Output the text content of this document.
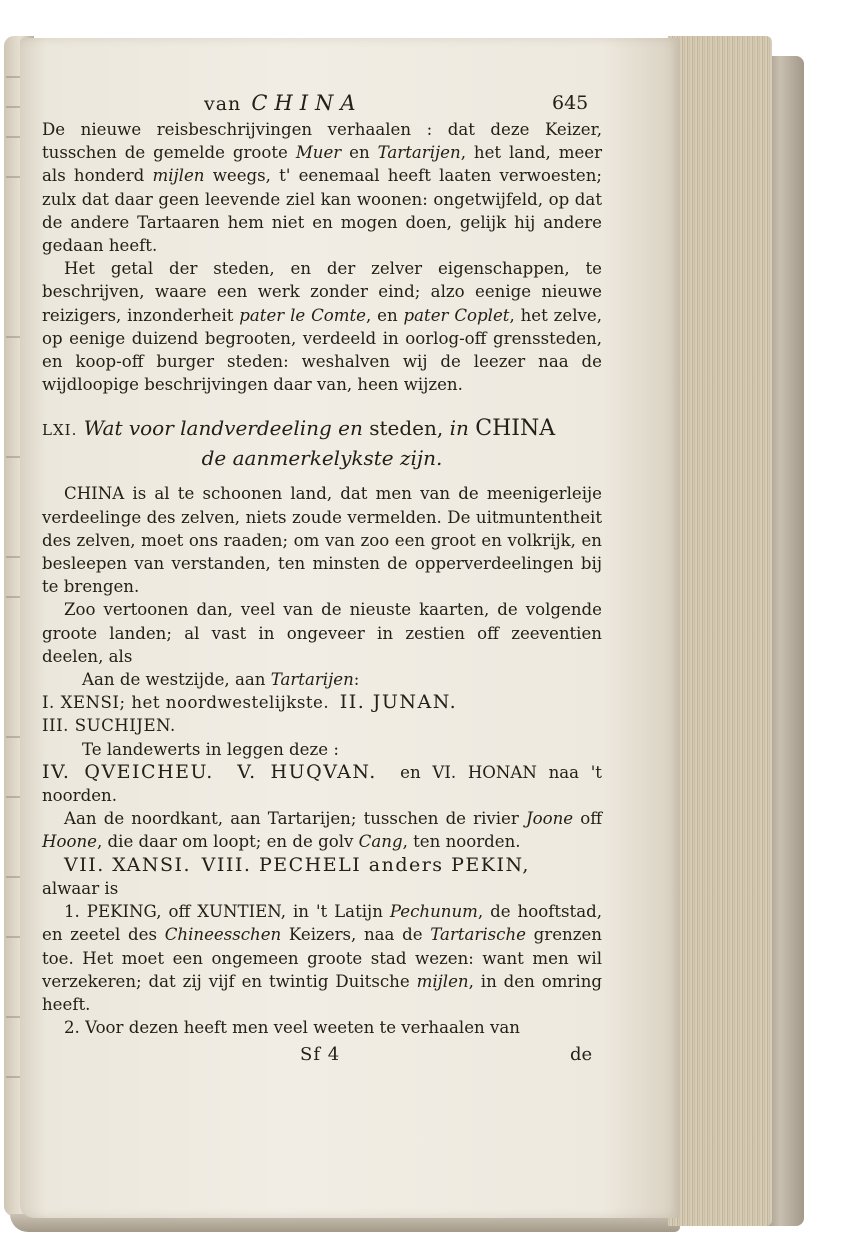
van CHINA	645

De nieuwe reisbeschrijvingen verhaalen : dat deze Keizer, tusschen de gemelde groote Muer en Tartarijen, het land, meer als honderd mijlen weegs, t' eenemaal heeft laaten verwoesten; zulx dat daar geen leevende ziel kan woonen: ongetwijfeld, op dat de andere Tartaaren hem niet en mogen doen, gelijk hij andere gedaan heeft.

Het getal der steden, en der zelver eigenschappen, te beschrijven, waare een werk zonder eind; alzo eenige nieuwe reizigers, inzonderheit pater le Comte, en pater Coplet, het zelve, op eenige duizend begrooten, verdeeld in oorlog-off grenssteden, en koop-off burger steden: weshalven wij de leezer naa de wijdloopige beschrijvingen daar van, heen wijzen.

LXI. Wat voor landverdeeling en steden, in CHINA
de aanmerkelykste zijn.

CHINA is al te schoonen land, dat men van de meenigerleije verdeelinge des zelven, niets zoude vermelden. De uitmuntentheit des zelven, moet ons raaden; om van zoo een groot en volkrijk, en besleepen van verstanden, ten minsten de opperverdeelingen bij te brengen.

Zoo vertoonen dan, veel van de nieuste kaarten, de volgende groote landen; al vast in ongeveer in zestien off zeeventien deelen, als

Aan de westzijde, aan Tartarijen:

I. XENSI; het noordwestelijkste. II. JUNAN.
III. SUCHIJEN.

Te landewerts in leggen deze :

IV. QVEICHEU. V. HUQVAN. en VI. HONAN naa 't noorden.

Aan de noordkant, aan Tartarijen; tusschen de rivier Joone off Hoone, die daar om loopt; en de golv Cang, ten noorden.

VII. XANSI. VIII. PECHELI anders PEKIN,
alwaar is

1. PEKING, off XUNTIEN, in 't Latijn Pechunum, de hooftstad, en zeetel des Chineesschen Keizers, naa de Tartarische grenzen toe. Het moet een ongemeen groote stad wezen: want men wil verzekeren; dat zij vijf en twintig Duitsche mijlen, in den omring heeft.

2. Voor dezen heeft men veel weeten te verhaalen van

Sf 4	de
